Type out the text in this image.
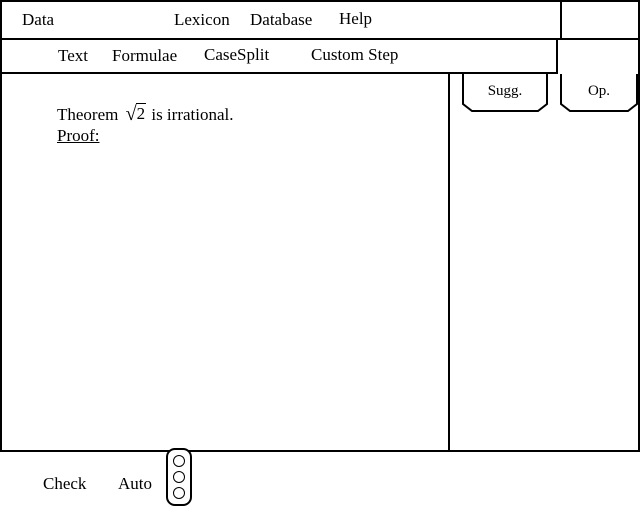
Data	Lexicon Database Help
Text Formulae CaseSplit Custom Step
Theorem √2 is irrational.
Proof:
Check Auto
Sugg.	Op.
